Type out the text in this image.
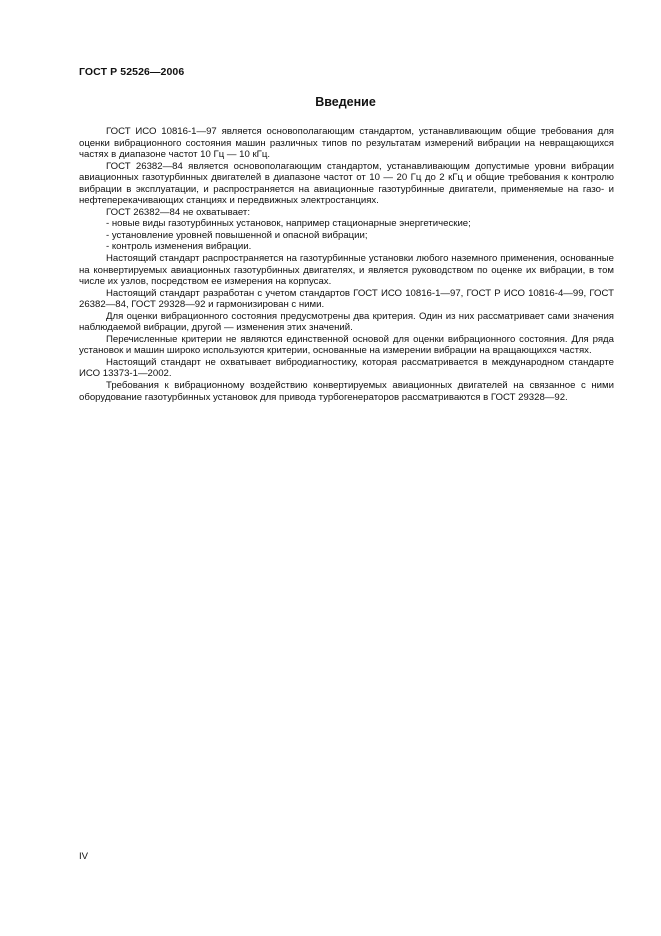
ГОСТ Р 52526—2006
Введение

ГОСТ ИСО 10816-1—97 является основополагающим стандартом, устанавливающим общие требования для оценки вибрационного состояния машин различных типов по результатам измерений вибрации на невращающихся частях в диапазоне частот 10 Гц — 10 кГц.

ГОСТ 26382—84 является основополагающим стандартом, устанавливающим допустимые уровни вибрации авиационных газотурбинных двигателей в диапазоне частот от 10 — 20 Гц до 2 кГц и общие требования к контролю вибрации в эксплуатации, и распространяется на авиационные газотурбинные двигатели, применяемые на газо- и нефтеперекачивающих станциях и передвижных электростанциях.

ГОСТ 26382—84 не охватывает:

- новые виды газотурбинных установок, например стационарные энергетические;

- установление уровней повышенной и опасной вибрации;

- контроль изменения вибрации.

Настоящий стандарт распространяется на газотурбинные установки любого наземного применения, основанные на конвертируемых авиационных газотурбинных двигателях, и является руководством по оценке их вибрации, в том числе их узлов, посредством ее измерения на корпусах.

Настоящий стандарт разработан с учетом стандартов ГОСТ ИСО 10816-1—97, ГОСТ Р ИСО 10816-4—99, ГОСТ 26382—84, ГОСТ 29328—92 и гармонизирован с ними.

Для оценки вибрационного состояния предусмотрены два критерия. Один из них рассматривает сами значения наблюдаемой вибрации, другой — изменения этих значений.

Перечисленные критерии не являются единственной основой для оценки вибрационного состояния. Для ряда установок и машин широко используются критерии, основанные на измерении вибрации на вращающихся частях.

Настоящий стандарт не охватывает вибродиагностику, которая рассматривается в международном стандарте ИСО 13373-1—2002.

Требования к вибрационному воздействию конвертируемых авиационных двигателей на связанное с ними оборудование газотурбинных установок для привода турбогенераторов рассматриваются в ГОСТ 29328—92.

IV
